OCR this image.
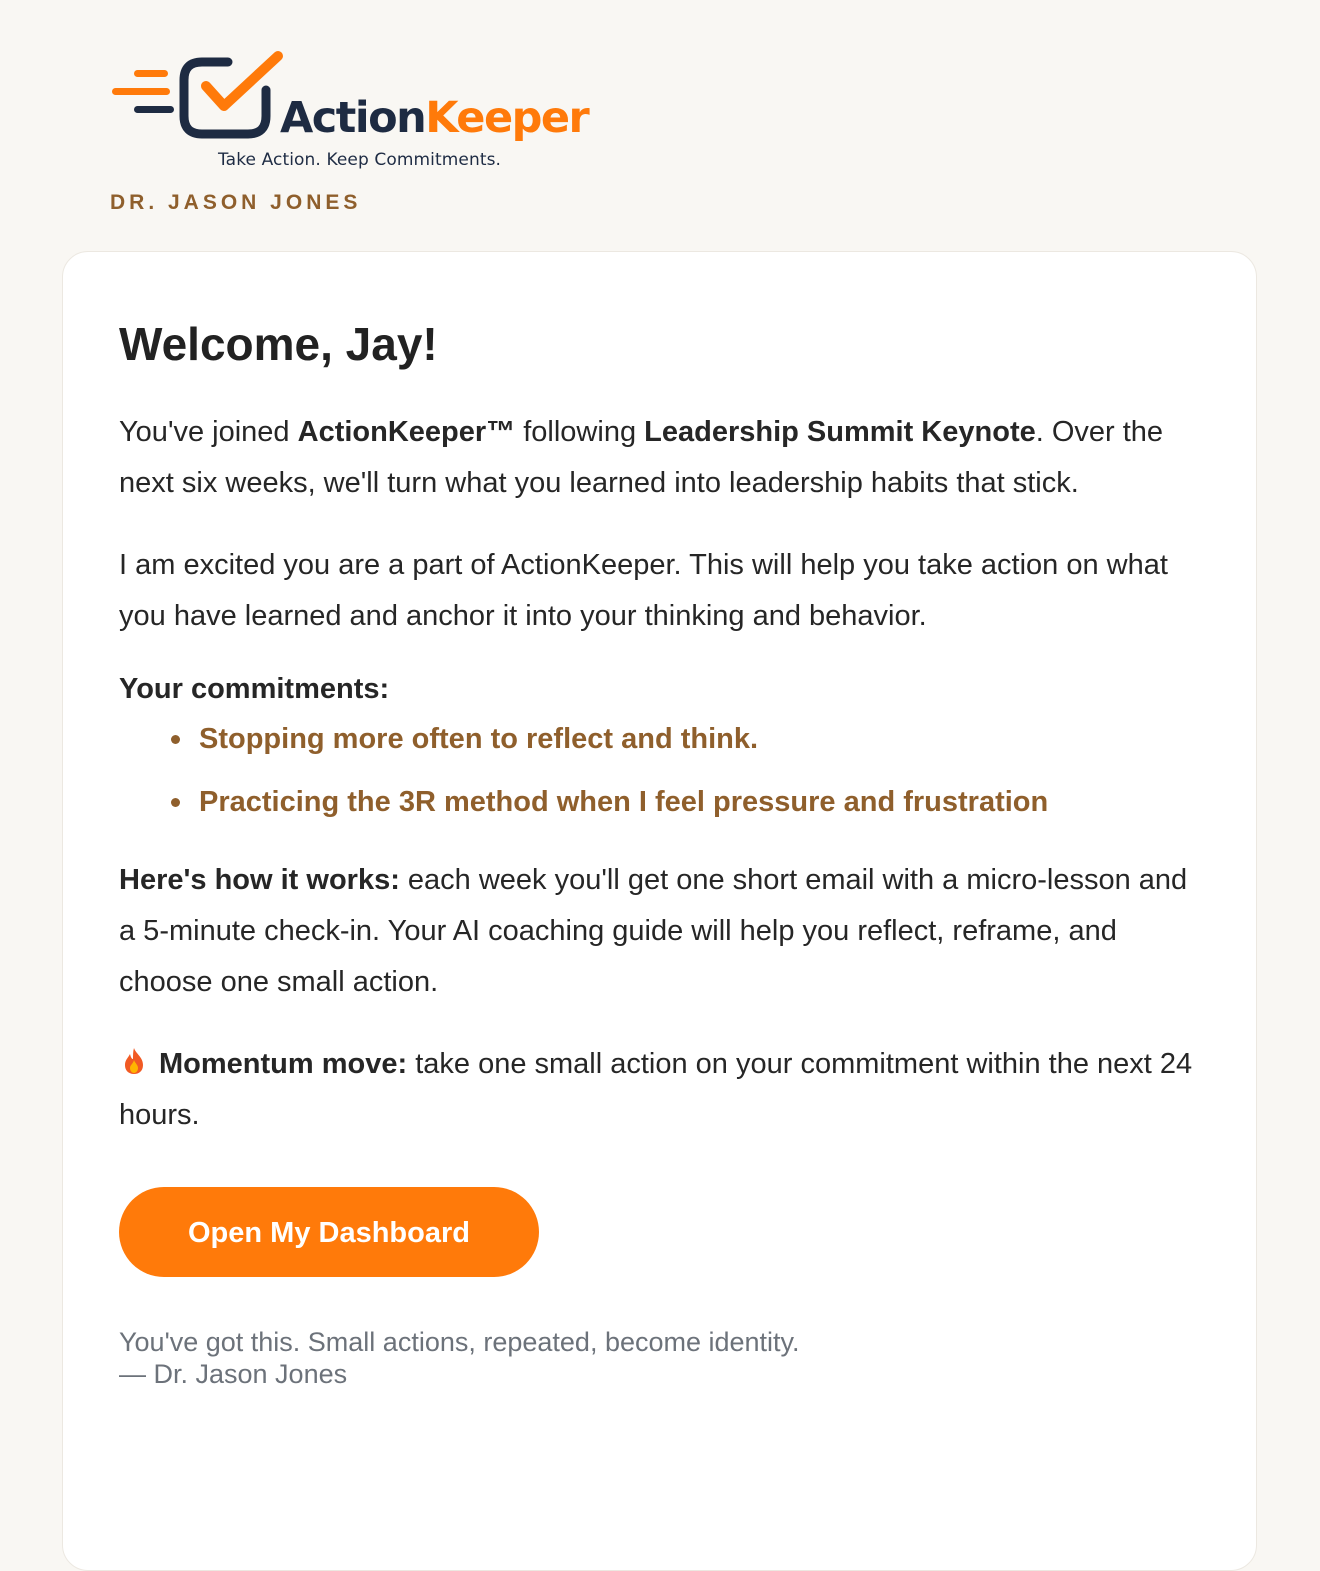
ActionKeeper
Take Action. Keep Commitments.
DR. JASON JONES
Welcome, Jay!

You've joined ActionKeeper™ following Leadership Summit Keynote. Over the next six weeks, we'll turn what you learned into leadership habits that stick.

I am excited you are a part of ActionKeeper. This will help you take action on what you have learned and anchor it into your thinking and behavior.

Your commitments:
Stopping more often to reflect and think.
Practicing the 3R method when I feel pressure and frustration

Here's how it works: each week you'll get one short email with a micro-lesson and a 5-minute check-in. Your AI coaching guide will help you reflect, reframe, and choose one small action.

Momentum move: take one small action on your commitment within the next 24 hours.

Open My Dashboard
You've got this. Small actions, repeated, become identity.
— Dr. Jason Jones
